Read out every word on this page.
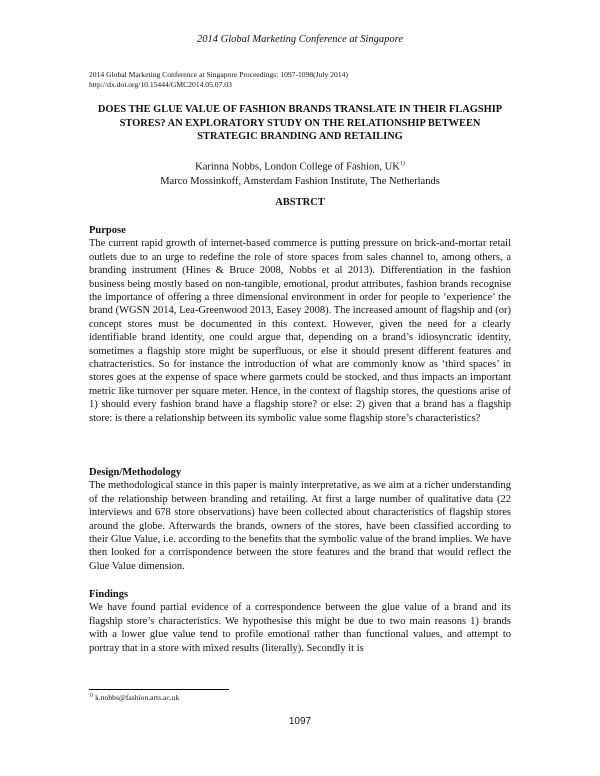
2014 Global Marketing Conference at Singapore
2014 Global Marketing Conference at Singapore Proceedings: 1097-1098(July 2014)
http://dx.doi.org/10.15444/GMC2014.05.07.03
DOES THE GLUE VALUE OF FASHION BRANDS TRANSLATE IN THEIR FLAGSHIP STORES? AN EXPLORATORY STUDY ON THE RELATIONSHIP BETWEEN STRATEGIC BRANDING AND RETAILING
Karinna Nobbs, London College of Fashion, UK$^{1)}$
Marco Mossinkoff, Amsterdam Fashion Institute, The Netherlands
ABSTRCT
Purpose

The current rapid growth of internet-based commerce is putting pressure on brick-and-mortar retail outlets due to an urge to redefine the role of store spaces from sales channel to, among others, a branding instrument (Hines & Bruce 2008, Nobbs et al 2013). Differentiation in the fashion business being mostly based on non-tangible, emotional, produt attributes, fashion brands recognise the importance of offering a three dimensional environment in order for people to ‘experience’ the brand (WGSN 2014, Lea-Greenwood 2013, Easey 2008). The increased amount of flagship and (or) concept stores must be documented in this context. However, given the need for a clearly identifiable brand identity, one could argue that, depending on a brand’s idiosyncratic identity, sometimes a flagship store might be superfluous, or else it should present different features and chatracteristics. So for instance the introduction of what are commonly know as ‘third spaces’ in stores goes at the expense of space where garmets could be stocked, and thus impacts an important metric like turnover per square meter. Hence, in the context of flagship stores, the questions arise of 1) should every fashion brand have a flagship store? or else: 2) given that a brand has a flagship store: is there a relationship between its symbolic value some flagship store’s characteristics?

Design/Methodology

The methodological stance in this paper is mainly interpretative, as we aim at a richer understanding of the relationship between branding and retailing. At first a large number of qualitative data (22 interviews and 678 store observations) have been collected about characteristics of flagship stores around the globe. Afterwards the brands, owners of the stores, have been classified according to their Glue Value, i.e. according to the benefits that the symbolic value of the brand implies. We have then looked for a corrispondence between the store features and the brand that would reflect the Glue Value dimension.

Findings

We have found partial evidence of a correspondence between the glue value of a brand and its flagship store’s characteristics. We hypothesise this might be due to two main reasons 1) brands with a lower glue value tend to profile emotional rather than functional values, and attempt to portray that in a store with mixed results (literally). Secondly it is

$^{1)}$ k.nobbs@fashion.arts.ac.uk
1097
